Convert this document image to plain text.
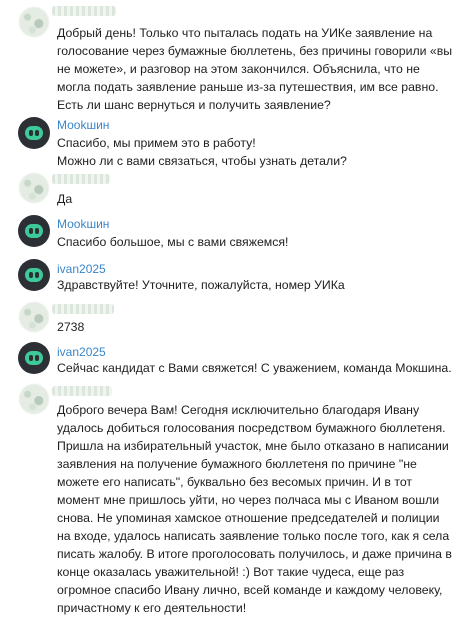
Добрый день! Только что пыталась подать на УИКе заявление на голосование через бумажные бюллетень, без причины говорили «вы не можете», и разговор на этом закончился. Объяснила, что не могла подать заявление раньше из-за путешествия, им все равно. Есть ли шанс вернуться и получить заявление?
Мооkшин
Спасибо, мы примем это в работу!
Можно ли с вами связаться, чтобы узнать детали?
Да
Мооkшин
Спасибо большое, мы с вами свяжемся!
ivan2025
Здравствуйте! Уточните, пожалуйста, номер УИКа
2738
ivan2025
Сейчас кандидат с Вами свяжется! С уважением, команда Мокшина.
Доброго вечера Вам! Сегодня исключительно благодаря Ивану удалось добиться голосования посредством бумажного бюллетеня. Пришла на избирательный участок, мне было отказано в написании заявления на получение бумажного бюллетеня по причине "не можете его написать", буквально без весомых причин. И в тот момент мне пришлось уйти, но через полчаса мы с Иваном вошли снова. Не упоминая хамское отношение председателей и полиции на входе, удалось написать заявление только после того, как я села писать жалобу. В итоге проголосовать получилось, и даже причина в конце оказалась уважительной! :) Вот такие чудеса, еще раз огромное спасибо Ивану лично, всей команде и каждому человеку, причастному к его деятельности!
